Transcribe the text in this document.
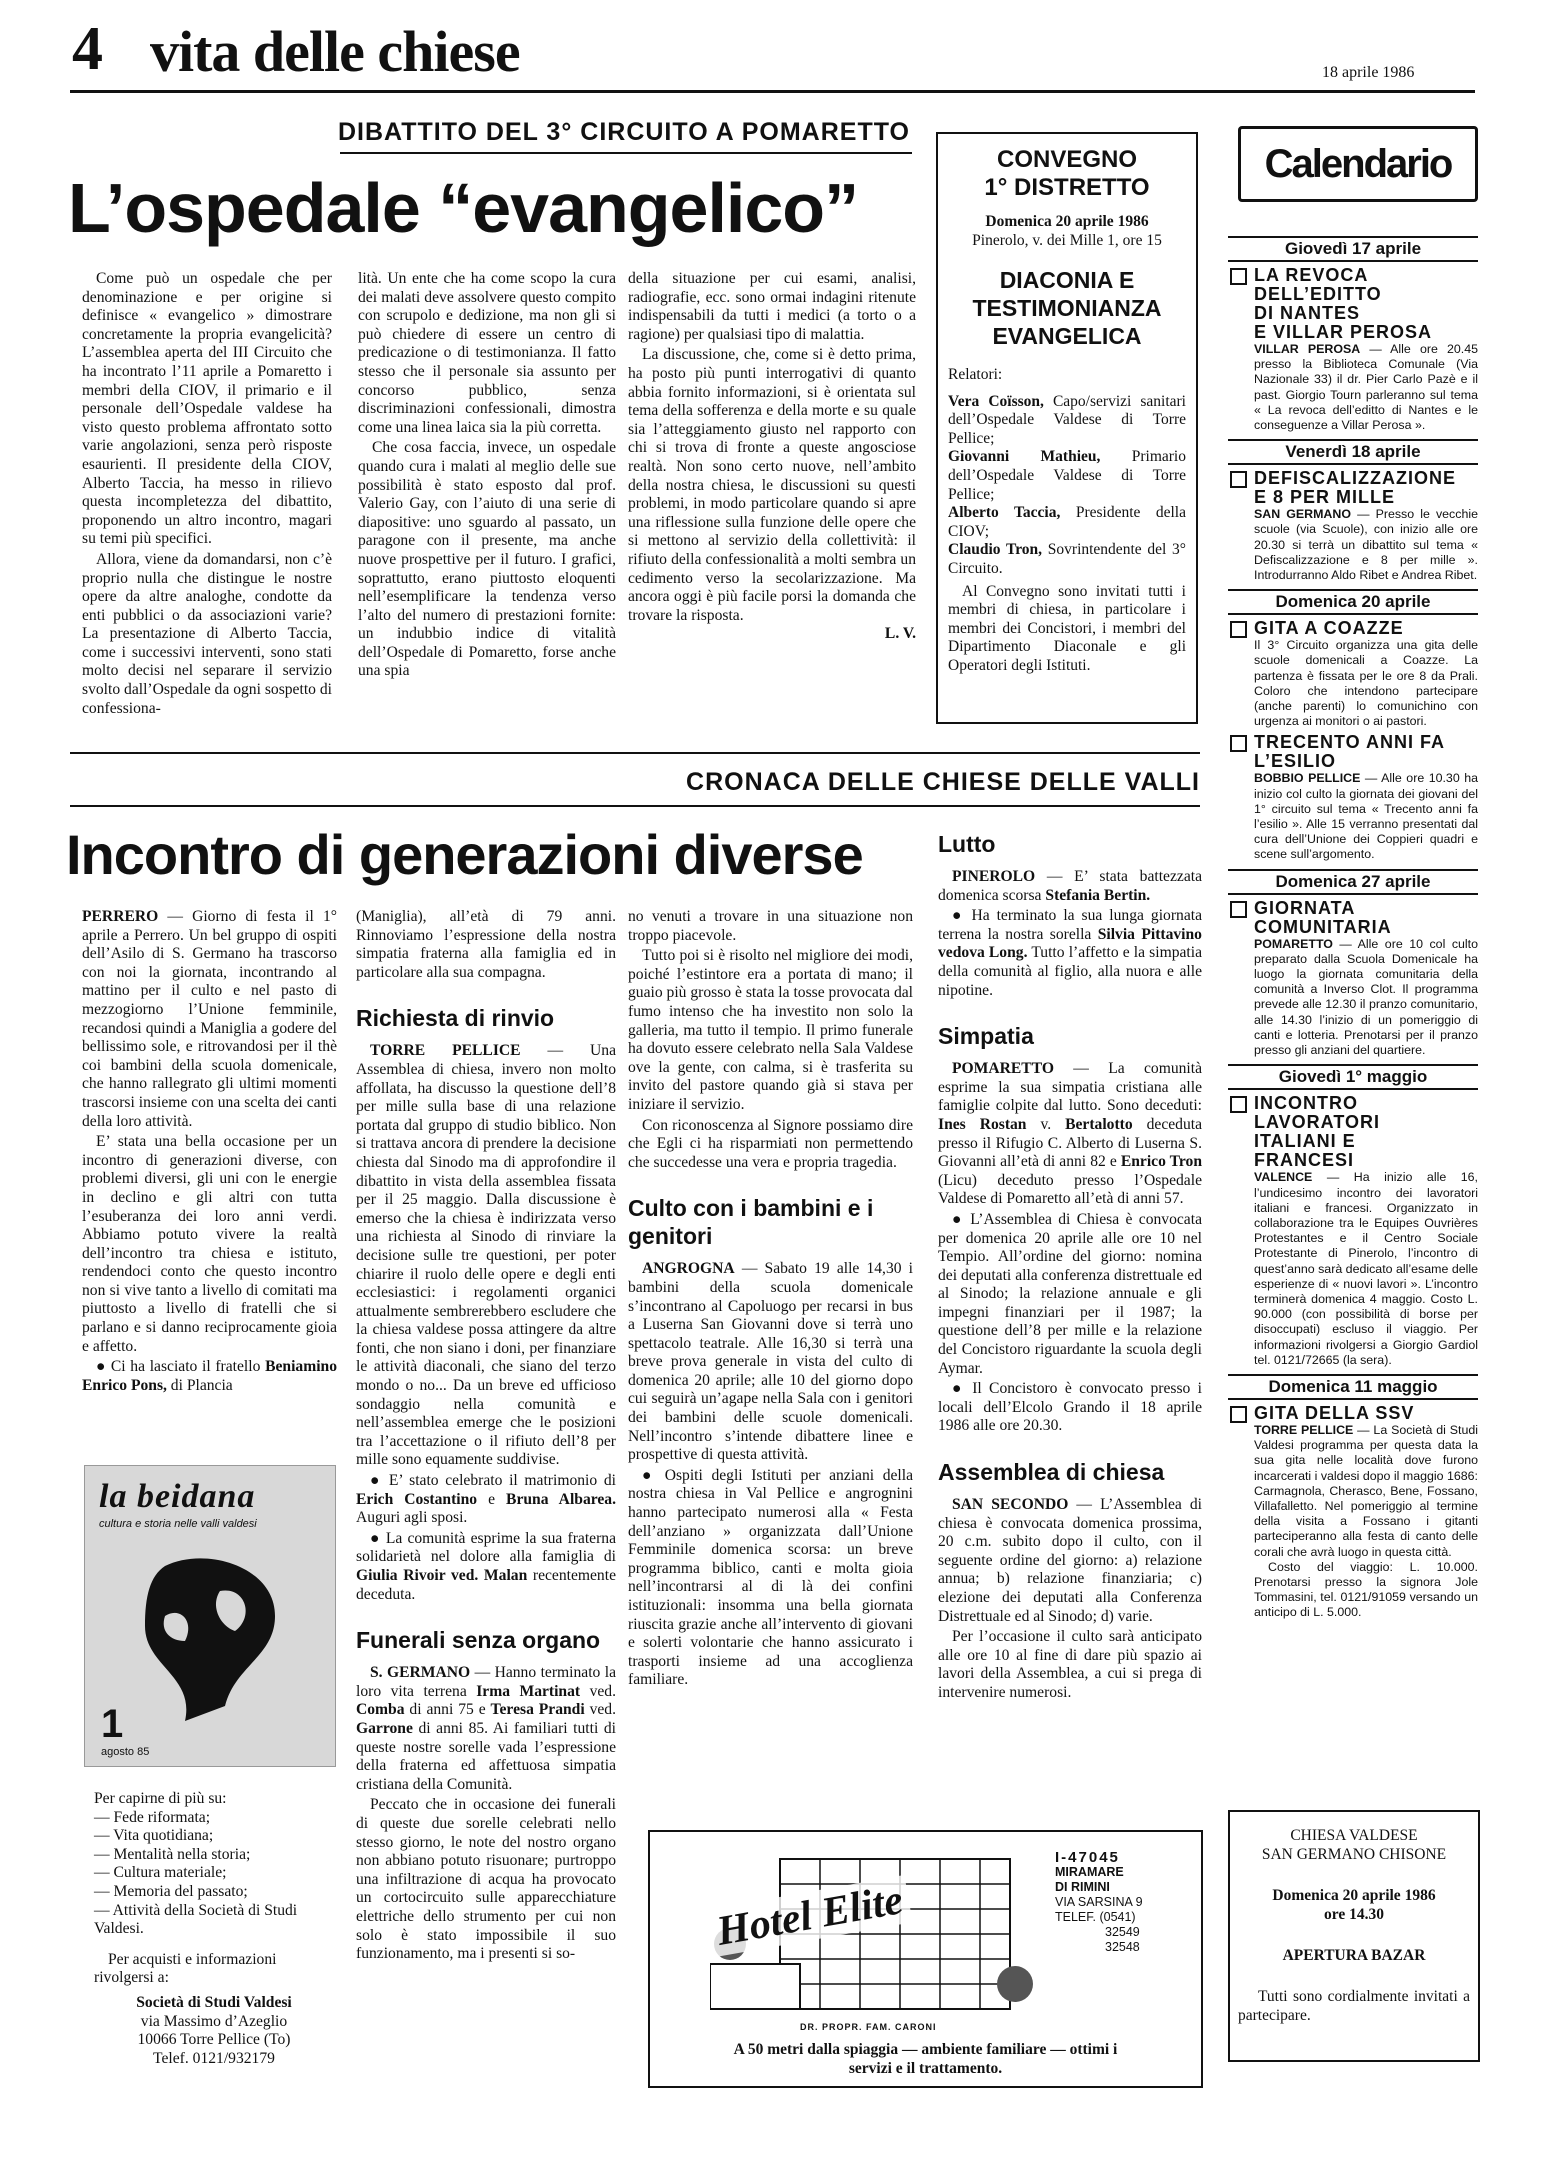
4 vita delle chiese	18 aprile 1986
DIBATTITO DEL 3° CIRCUITO A POMARETTO
L’ospedale “evangelico”

Come può un ospedale che per denominazione e per origine si definisce « evangelico » dimostrare concretamente la propria evangelicità? L’assemblea aperta del III Circuito che ha incontrato l’11 aprile a Pomaretto i membri della CIOV, il primario e il personale dell’Ospedale valdese ha visto questo problema affrontato sotto varie angolazioni, senza però risposte esaurienti. Il presidente della CIOV, Alberto Taccia, ha messo in rilievo questa incompletezza del dibattito, proponendo un altro incontro, magari su temi più specifici.

Allora, viene da domandarsi, non c’è proprio nulla che distingue le nostre opere da altre analoghe, condotte da enti pubblici o da associazioni varie? La presentazione di Alberto Taccia, come i successivi interventi, sono stati molto decisi nel separare il servizio svolto dall’Ospedale da ogni sospetto di confessiona-

lità. Un ente che ha come scopo la cura dei malati deve assolvere questo compito con scrupolo e dedizione, ma non gli si può chiedere di essere un centro di predicazione o di testimonianza. Il fatto stesso che il personale sia assunto per concorso pubblico, senza discriminazioni confessionali, dimostra come una linea laica sia la più corretta.

Che cosa faccia, invece, un ospedale quando cura i malati al meglio delle sue possibilità è stato esposto dal prof. Valerio Gay, con l’aiuto di una serie di diapositive: uno sguardo al passato, un paragone con il presente, ma anche nuove prospettive per il futuro. I grafici, soprattutto, erano piuttosto eloquenti nell’esemplificare la tendenza verso l’alto del numero di prestazioni fornite: un indubbio indice di vitalità dell’Ospedale di Pomaretto, forse anche una spia

della situazione per cui esami, analisi, radiografie, ecc. sono ormai indagini ritenute indispensabili da tutti i medici (a torto o a ragione) per qualsiasi tipo di malattia.

La discussione, che, come si è detto prima, ha posto più punti interrogativi di quanto abbia fornito informazioni, si è orientata sul tema della sofferenza e della morte e su quale sia l’atteggiamento giusto nel rapporto con chi si trova di fronte a queste angosciose realtà. Non sono certo nuove, nell’ambito della nostra chiesa, le discussioni su questi problemi, in modo particolare quando si apre una riflessione sulla funzione delle opere che si mettono al servizio della collettività: il rifiuto della confessionalità a molti sembra un cedimento verso la secolarizzazione. Ma ancora oggi è più facile porsi la domanda che trovare la risposta.

L. V.
CONVEGNO
1° DISTRETTO
Domenica 20 aprile 1986
Pinerolo, v. dei Mille 1, ore 15
DIACONIA E
TESTIMONIANZA
EVANGELICA
Relatori:
Vera Coïsson, Capo/servizi sanitari dell’Ospedale Valdese di Torre Pellice;
Giovanni Mathieu, Primario dell’Ospedale Valdese di Torre Pellice;
Alberto Taccia, Presidente della CIOV;
Claudio Tron, Sovrintendente del 3° Circuito.
Al Convegno sono invitati tutti i membri di chiesa, in particolare i membri dei Concistori, i membri del Dipartimento Diaconale e gli Operatori degli Istituti.
Calendario
Giovedì 17 aprile
LA REVOCA
DELL’EDITTO
DI NANTES
E VILLAR PEROSA
VILLAR PEROSA — Alle ore 20.45 presso la Biblioteca Comunale (Via Nazionale 33) il dr. Pier Carlo Pazè e il past. Giorgio Tourn parleranno sul tema « La revoca dell’editto di Nantes e le conseguenze a Villar Perosa ».
Venerdì 18 aprile
DEFISCALIZZAZIONE
E 8 PER MILLE
SAN GERMANO — Presso le vecchie scuole (via Scuole), con inizio alle ore 20.30 si terrà un dibattito sul tema « Defiscalizzazione e 8 per mille ». Introdurranno Aldo Ribet e Andrea Ribet.
Domenica 20 aprile
GITA A COAZZE
Il 3° Circuito organizza una gita delle scuole domenicali a Coazze. La partenza è fissata per le ore 8 da Prali. Coloro che intendono partecipare (anche parenti) lo comunichino con urgenza ai monitori o ai pastori.
TRECENTO ANNI FA
L’ESILIO
BOBBIO PELLICE — Alle ore 10.30 ha inizio col culto la giornata dei giovani del 1° circuito sul tema « Trecento anni fa l’esilio ». Alle 15 verranno presentati dal cura dell’Unione dei Coppieri quadri e scene sull’argomento.
Domenica 27 aprile
GIORNATA
COMUNITARIA
POMARETTO — Alle ore 10 col culto preparato dalla Scuola Domenicale ha luogo la giornata comunitaria della comunità a Inverso Clot. Il programma prevede alle 12.30 il pranzo comunitario, alle 14.30 l’inizio di un pomeriggio di canti e lotteria. Prenotarsi per il pranzo presso gli anziani del quartiere.
Giovedì 1° maggio
INCONTRO
LAVORATORI
ITALIANI E
FRANCESI
VALENCE — Ha inizio alle 16, l’undicesimo incontro dei lavoratori italiani e francesi. Organizzato in collaborazione tra le Equipes Ouvrières Protestantes e il Centro Sociale Protestante di Pinerolo, l’incontro di quest’anno sarà dedicato all’esame delle esperienze di « nuovi lavori ». L’incontro terminerà domenica 4 maggio. Costo L. 90.000 (con possibilità di borse per disoccupati) escluso il viaggio. Per informazioni rivolgersi a Giorgio Gardiol tel. 0121/72665 (la sera).
Domenica 11 maggio
GITA DELLA SSV
TORRE PELLICE — La Società di Studi Valdesi programma per questa data la sua gita nelle località dove furono incarcerati i valdesi dopo il maggio 1686: Carmagnola, Cherasco, Bene, Fossano, Villafalletto. Nel pomeriggio al termine della visita a Fossano i gitanti parteciperanno alla festa di canto delle corali che avrà luogo in questa città.
Costo del viaggio: L. 10.000. Prenotarsi presso la signora Jole Tommasini, tel. 0121/91059 versando un anticipo di L. 5.000.
CRONACA DELLE CHIESE DELLE VALLI
Incontro di generazioni diverse

PERRERO — Giorno di festa il 1° aprile a Perrero. Un bel gruppo di ospiti dell’Asilo di S. Germano ha trascorso con noi la giornata, incontrando al mattino per il culto e nel pasto di mezzogiorno l’Unione femminile, recandosi quindi a Maniglia a godere del bellissimo sole, e ritrovandosi per il thè coi bambini della scuola domenicale, che hanno rallegrato gli ultimi momenti trascorsi insieme con una scelta dei canti della loro attività.

E’ stata una bella occasione per un incontro di generazioni diverse, con problemi diversi, gli uni con le energie in declino e gli altri con tutta l’esuberanza dei loro anni verdi. Abbiamo potuto vivere la realtà dell’incontro tra chiesa e istituto, rendendoci conto che questo incontro non si vive tanto a livello di comitati ma piuttosto a livello di fratelli che si parlano e si danno reciprocamente gioia e affetto.

● Ci ha lasciato il fratello Beniamino Enrico Pons, di Plancia

la beidana
cultura e storia nelle valli valdesi
1
agosto 85
Per capirne di più su:
— Fede riformata;
— Vita quotidiana;
— Mentalità nella storia;
— Cultura materiale;
— Memoria del passato;
— Attività della Società di Studi Valdesi.
Per acquisti e informazioni rivolgersi a:
Società di Studi Valdesi
via Massimo d’Azeglio
10066 Torre Pellice (To)
Telef. 0121/932179

(Maniglia), all’età di 79 anni. Rinnoviamo l’espressione della nostra simpatia fraterna alla famiglia ed in particolare alla sua compagna.

Richiesta di rinvio

TORRE PELLICE — Una Assemblea di chiesa, invero non molto affollata, ha discusso la questione dell’8 per mille sulla base di una relazione portata dal gruppo di studio biblico. Non si trattava ancora di prendere la decisione chiesta dal Sinodo ma di approfondire il dibattito in vista della assemblea fissata per il 25 maggio. Dalla discussione è emerso che la chiesa è indirizzata verso una richiesta al Sinodo di rinviare la decisione sulle tre questioni, per poter chiarire il ruolo delle opere e degli enti ecclesiastici: i regolamenti organici attualmente sembrerebbero escludere che la chiesa valdese possa attingere da altre fonti, che non siano i doni, per finanziare le attività diaconali, che siano del terzo mondo o no... Da un breve ed ufficioso sondaggio nella comunità e nell’assemblea emerge che le posizioni tra l’accettazione o il rifiuto dell’8 per mille sono equamente suddivise.

● E’ stato celebrato il matrimonio di Erich Costantino e Bruna Albarea. Auguri agli sposi.

● La comunità esprime la sua fraterna solidarietà nel dolore alla famiglia di Giulia Rivoir ved. Malan recentemente deceduta.

Funerali senza organo

S. GERMANO — Hanno terminato la loro vita terrena Irma Martinat ved. Comba di anni 75 e Teresa Prandi ved. Garrone di anni 85. Ai familiari tutti di queste nostre sorelle vada l’espressione della fraterna ed affettuosa simpatia cristiana della Comunità.

Peccato che in occasione dei funerali di queste due sorelle celebrati nello stesso giorno, le note del nostro organo non abbiano potuto risuonare; purtroppo una infiltrazione di acqua ha provocato un cortocircuito sulle apparecchiature elettriche dello strumento per cui non solo è stato impossibile il suo funzionamento, ma i presenti si so-

no venuti a trovare in una situazione non troppo piacevole.

Tutto poi si è risolto nel migliore dei modi, poiché l’estintore era a portata di mano; il guaio più grosso è stata la tosse provocata dal fumo intenso che ha investito non solo la galleria, ma tutto il tempio. Il primo funerale ha dovuto essere celebrato nella Sala Valdese ove la gente, con calma, si è trasferita su invito del pastore quando già si stava per iniziare il servizio.

Con riconoscenza al Signore possiamo dire che Egli ci ha risparmiati non permettendo che succedesse una vera e propria tragedia.

Culto con i bambini e i genitori

ANGROGNA — Sabato 19 alle 14,30 i bambini della scuola domenicale s’incontrano al Capoluogo per recarsi in bus a Luserna San Giovanni dove si terrà uno spettacolo teatrale. Alle 16,30 si terrà una breve prova generale in vista del culto di domenica 20 aprile; alle 10 del giorno dopo cui seguirà un’agape nella Sala con i genitori dei bambini delle scuole domenicali. Nell’incontro s’intende dibattere linee e prospettive di questa attività.

● Ospiti degli Istituti per anziani della nostra chiesa in Val Pellice e angrognini hanno partecipato numerosi alla « Festa dell’anziano » organizzata dall’Unione Femminile domenica scorsa: un breve programma biblico, canti e molta gioia nell’incontrarsi al di là dei confini istituzionali: insomma una bella giornata riuscita grazie anche all’intervento di giovani e solerti volontarie che hanno assicurato i trasporti insieme ad una accoglienza familiare.

Lutto

PINEROLO — E’ stata battezzata domenica scorsa Stefania Bertin.

● Ha terminato la sua lunga giornata terrena la nostra sorella Silvia Pittavino vedova Long. Tutto l’affetto e la simpatia della comunità al figlio, alla nuora e alle nipotine.

Simpatia

POMARETTO — La comunità esprime la sua simpatia cristiana alle famiglie colpite dal lutto. Sono deceduti: Ines Rostan v. Bertalotto deceduta presso il Rifugio C. Alberto di Luserna S. Giovanni all’età di anni 82 e Enrico Tron (Licu) deceduto presso l’Ospedale Valdese di Pomaretto all’età di anni 57.

● L’Assemblea di Chiesa è convocata per domenica 20 aprile alle ore 10 nel Tempio. All’ordine del giorno: nomina dei deputati alla conferenza distrettuale ed al Sinodo; la relazione annuale e gli impegni finanziari per il 1987; la questione dell’8 per mille e la relazione del Concistoro riguardante la scuola degli Aymar.

● Il Concistoro è convocato presso i locali dell’Elcolo Grando il 18 aprile 1986 alle ore 20.30.

Assemblea di chiesa

SAN SECONDO — L’Assemblea di chiesa è convocata domenica prossima, 20 c.m. subito dopo il culto, con il seguente ordine del giorno: a) relazione annua; b) relazione finanziaria; c) elezione dei deputati alla Conferenza Distrettuale ed al Sinodo; d) varie.

Per l’occasione il culto sarà anticipato alle ore 10 al fine di dare più spazio ai lavori della Assemblea, a cui si prega di intervenire numerosi.

Hotel Elite
I-47045
MIRAMARE
DI RIMINI
VIA SARSINA 9
TELEF. (0541)
32549
32548
DR. PROPR. FAM. CARONI
A 50 metri dalla spiaggia — ambiente familiare — ottimi i
servizi e il trattamento.
CHIESA VALDESE
SAN GERMANO CHISONE
Domenica 20 aprile 1986
ore 14.30
APERTURA BAZAR
Tutti sono cordialmente invitati a partecipare.
